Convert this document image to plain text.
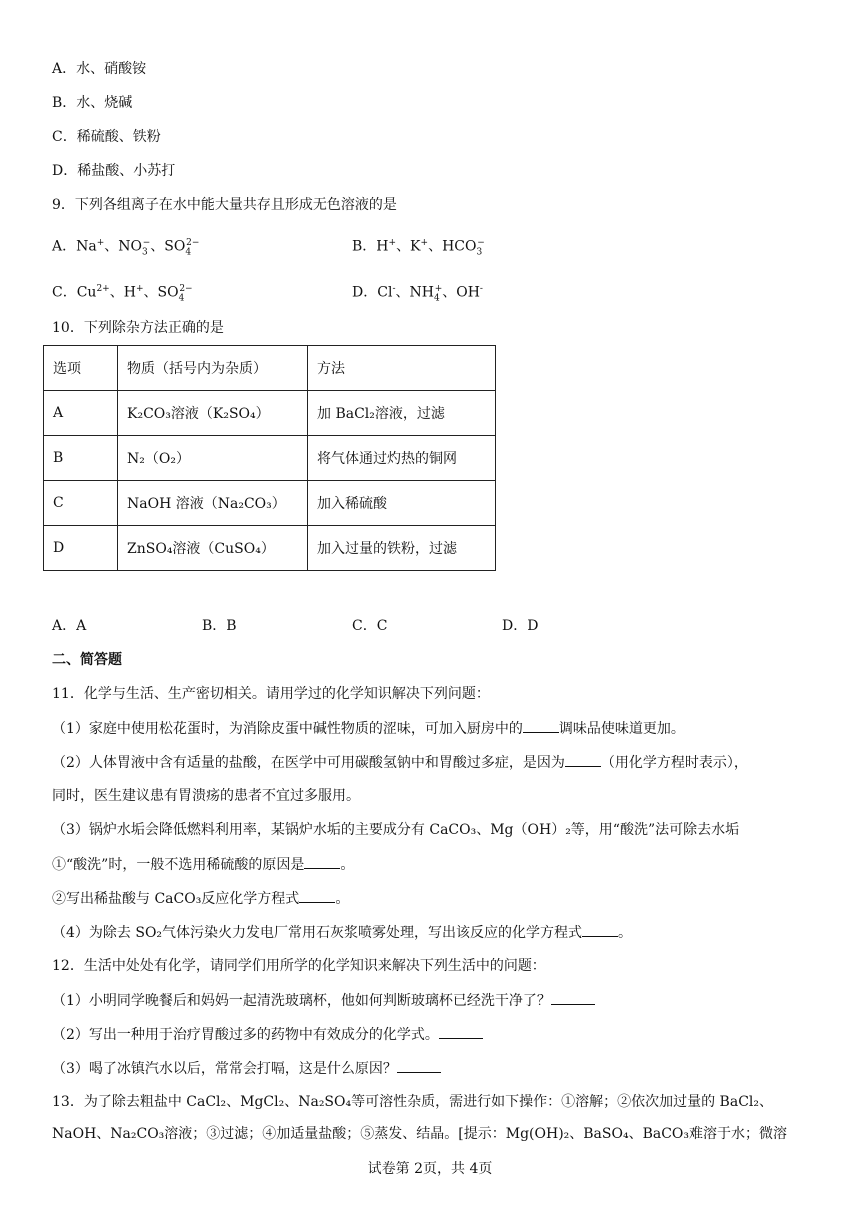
A．水、硝酸铵
B．水、烧碱
C．稀硫酸、铁粉
D．稀盐酸、小苏打
9．下列各组离子在水中能大量共存且形成无色溶液的是
A．Na+、$NO_3^-$、$SO_4^{2-}$	B．H+、K+、$HCO_3^-$
C．$Cu^{2+}$、H+、$SO_4^{2-}$	D．Cl-、$NH_4^+$、OH-
10．下列除杂方法正确的是
选项	物质（括号内为杂质）	方法
A	K₂CO₃溶液（K₂SO₄）	加 BaCl₂溶液，过滤
B	N₂（O₂）	将气体通过灼热的铜网
C	NaOH 溶液（Na₂CO₃）	加入稀硫酸
D	ZnSO₄溶液（CuSO₄）	加入过量的铁粉，过滤
A．A	B．B	C．C	D．D
二、简答题
11．化学与生活、生产密切相关。请用学过的化学知识解决下列问题：
（1）家庭中使用松花蛋时，为消除皮蛋中碱性物质的涩味，可加入厨房中的	调味品使味道更加。
（2）人体胃液中含有适量的盐酸，在医学中可用碳酸氢钠中和胃酸过多症，是因为	（用化学方程时表示），
同时，医生建议患有胃溃疡的患者不宜过多服用。
（3）锅炉水垢会降低燃料利用率，某锅炉水垢的主要成分有 CaCO₃、Mg（OH）₂等，用“酸洗”法可除去水垢
①“酸洗”时，一般不选用稀硫酸的原因是	。
②写出稀盐酸与 CaCO₃反应化学方程式	。
（4）为除去 SO₂气体污染火力发电厂常用石灰浆喷雾处理，写出该反应的化学方程式	。
12．生活中处处有化学，请同学们用所学的化学知识来解决下列生活中的问题：
（1）小明同学晚餐后和妈妈一起清洗玻璃杯，他如何判断玻璃杯已经洗干净了？
（2）写出一种用于治疗胃酸过多的药物中有效成分的化学式。
（3）喝了冰镇汽水以后，常常会打嗝，这是什么原因？
13．为了除去粗盐中 CaCl₂、MgCl₂、Na₂SO₄等可溶性杂质，需进行如下操作：①溶解；②依次加过量的 BaCl₂、
NaOH、Na₂CO₃溶液；③过滤；④加适量盐酸；⑤蒸发、结晶。[提示：Mg(OH)₂、BaSO₄、BaCO₃难溶于水；微溶
试卷第 2页，共 4页
